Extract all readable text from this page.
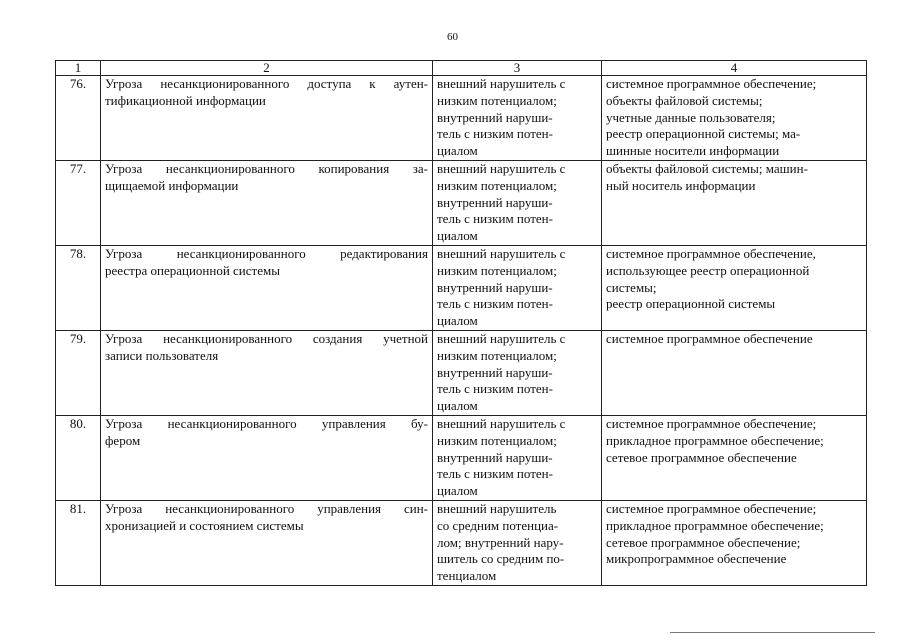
60
1	2	3	4
76.	Угроза несанкционированного доступа к аутен-
тификационной информации	внешний нарушитель с
низким потенциалом;
внутренний наруши-
тель с низким потен-
циалом	системное программное обеспечение;
объекты файловой системы;
учетные данные пользователя;
реестр операционной системы; ма-
шинные носители информации

77.	Угроза несанкционированного копирования за-
щищаемой информации	внешний нарушитель с
низким потенциалом;
внутренний наруши-
тель с низким потен-
циалом	объекты файловой системы; машин-
ный носитель информации

78.	Угроза несанкционированного редактирования
реестра операционной системы	внешний нарушитель с
низким потенциалом;
внутренний наруши-
тель с низким потен-
циалом	системное программное обеспечение,
использующее реестр операционной
системы;
реестр операционной системы

79.	Угроза несанкционированного создания учетной
записи пользователя	внешний нарушитель с
низким потенциалом;
внутренний наруши-
тель с низким потен-
циалом	системное программное обеспечение

80.	Угроза несанкционированного управления бу-
фером	внешний нарушитель с
низким потенциалом;
внутренний наруши-
тель с низким потен-
циалом	системное программное обеспечение;
прикладное программное обеспечение;
сетевое программное обеспечение

81.	Угроза несанкционированного управления син-
хронизацией и состоянием системы	внешний нарушитель
со средним потенциа-
лом; внутренний нару-
шитель со средним по-
тенциалом	системное программное обеспечение;
прикладное программное обеспечение;
сетевое программное обеспечение;
микропрограммное обеспечение
